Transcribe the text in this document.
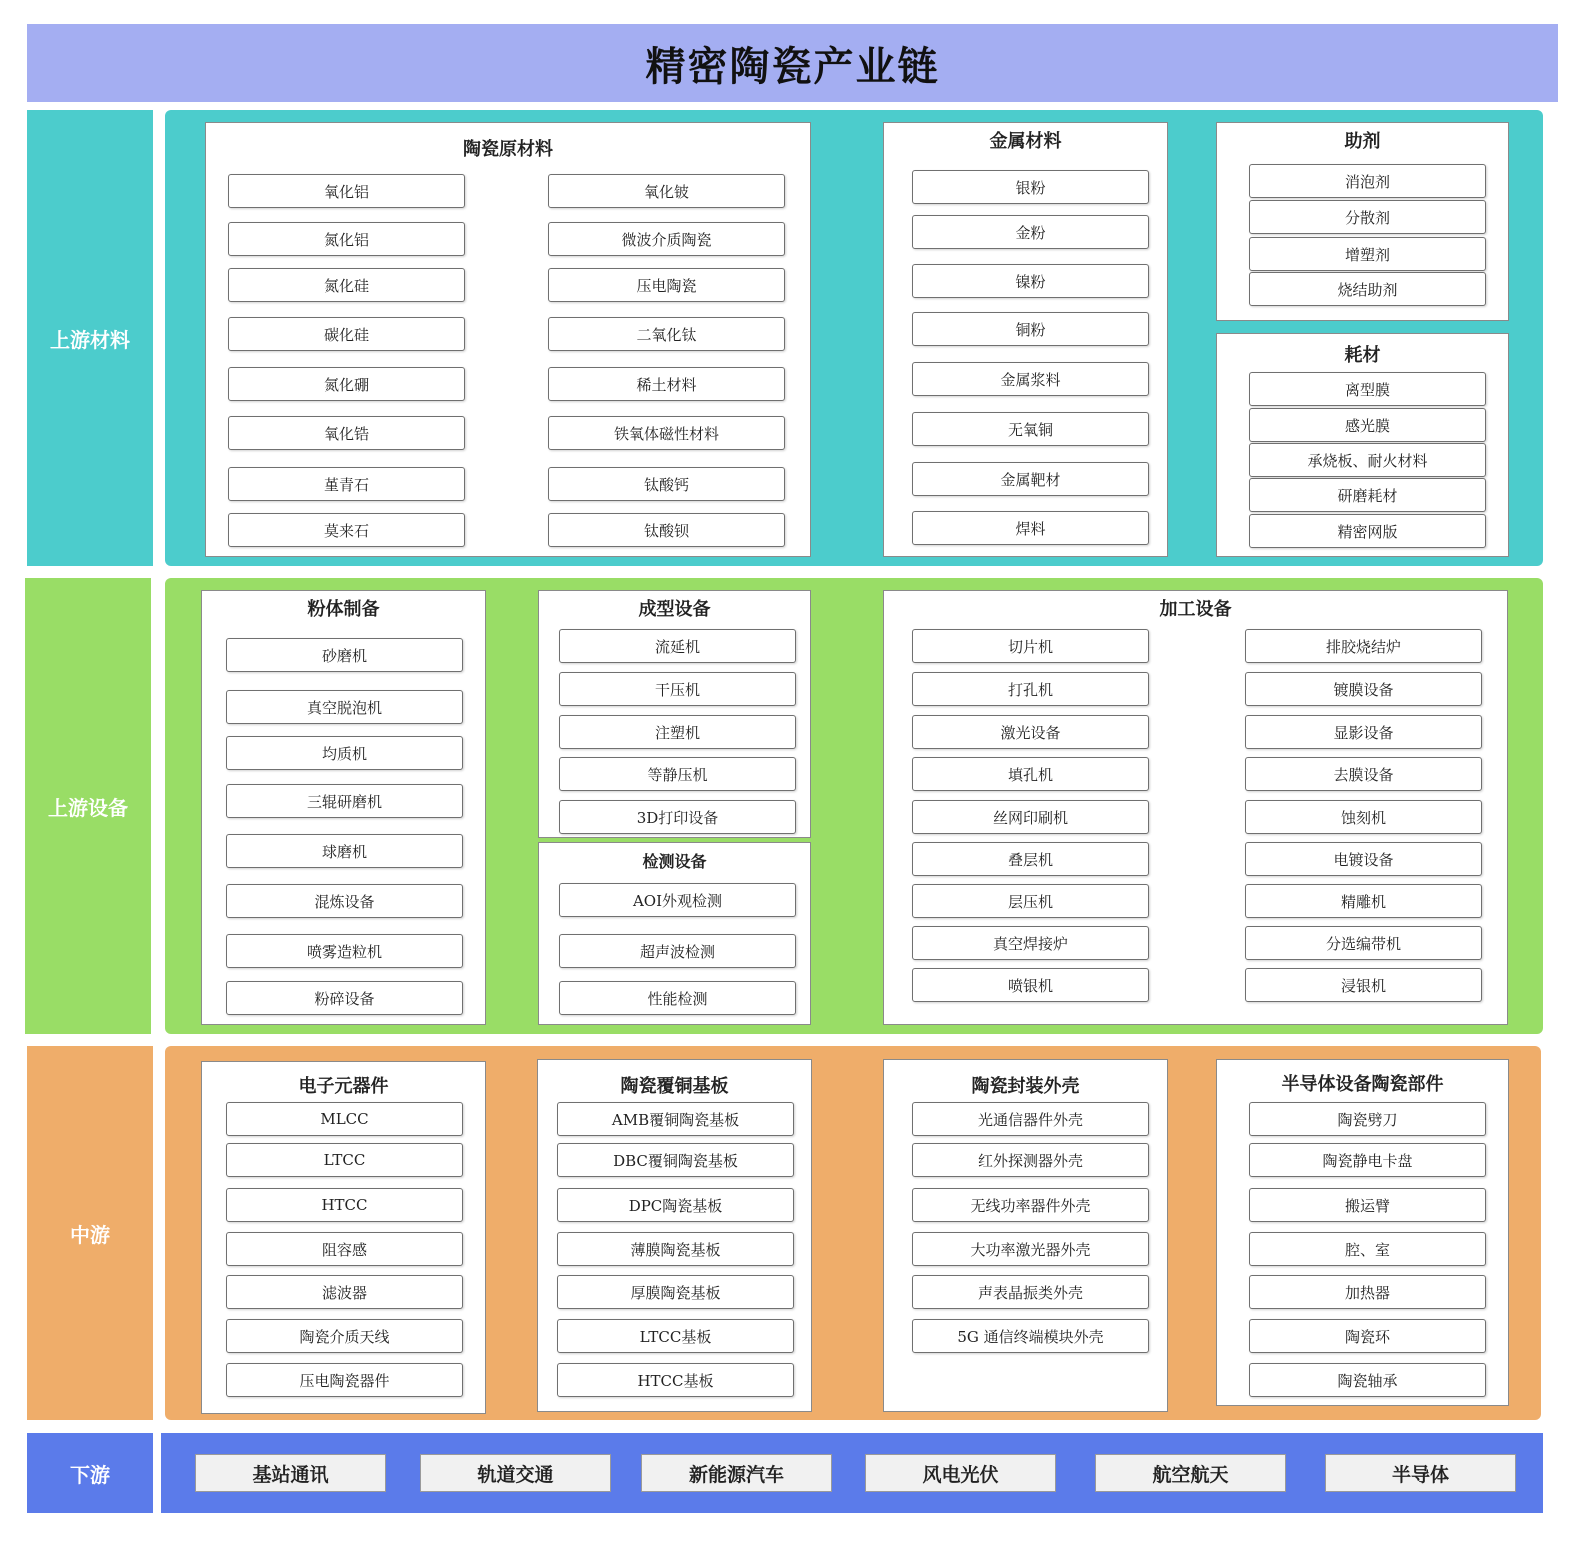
精密陶瓷产业链
上游材料
陶瓷原材料
氧化铝
氮化铝
氮化硅
碳化硅
氮化硼
氧化锆
堇青石
莫来石
氧化铍
微波介质陶瓷
压电陶瓷
二氧化钛
稀土材料
铁氧体磁性材料
钛酸钙
钛酸钡
金属材料
银粉
金粉
镍粉
铜粉
金属浆料
无氧铜
金属靶材
焊料
助剂
消泡剂
分散剂
增塑剂
烧结助剂
耗材
离型膜
感光膜
承烧板、耐火材料
研磨耗材
精密网版
上游设备
粉体制备
砂磨机
真空脱泡机
均质机
三辊研磨机
球磨机
混炼设备
喷雾造粒机
粉碎设备
成型设备
流延机
干压机
注塑机
等静压机
3D打印设备
检测设备
AOI外观检测
超声波检测
性能检测
加工设备
切片机
打孔机
激光设备
填孔机
丝网印刷机
叠层机
层压机
真空焊接炉
喷银机
排胶烧结炉
镀膜设备
显影设备
去膜设备
蚀刻机
电镀设备
精雕机
分选编带机
浸银机
中游
电子元器件
MLCC
LTCC
HTCC
阻容感
滤波器
陶瓷介质天线
压电陶瓷器件
陶瓷覆铜基板
AMB覆铜陶瓷基板
DBC覆铜陶瓷基板
DPC陶瓷基板
薄膜陶瓷基板
厚膜陶瓷基板
LTCC基板
HTCC基板
陶瓷封装外壳
光通信器件外壳
红外探测器外壳
无线功率器件外壳
大功率激光器外壳
声表晶振类外壳
5G 通信终端模块外壳
半导体设备陶瓷部件
陶瓷劈刀
陶瓷静电卡盘
搬运臂
腔、室
加热器
陶瓷环
陶瓷轴承
下游	基站通讯	轨道交通	新能源汽车	风电光伏	航空航天	半导体
